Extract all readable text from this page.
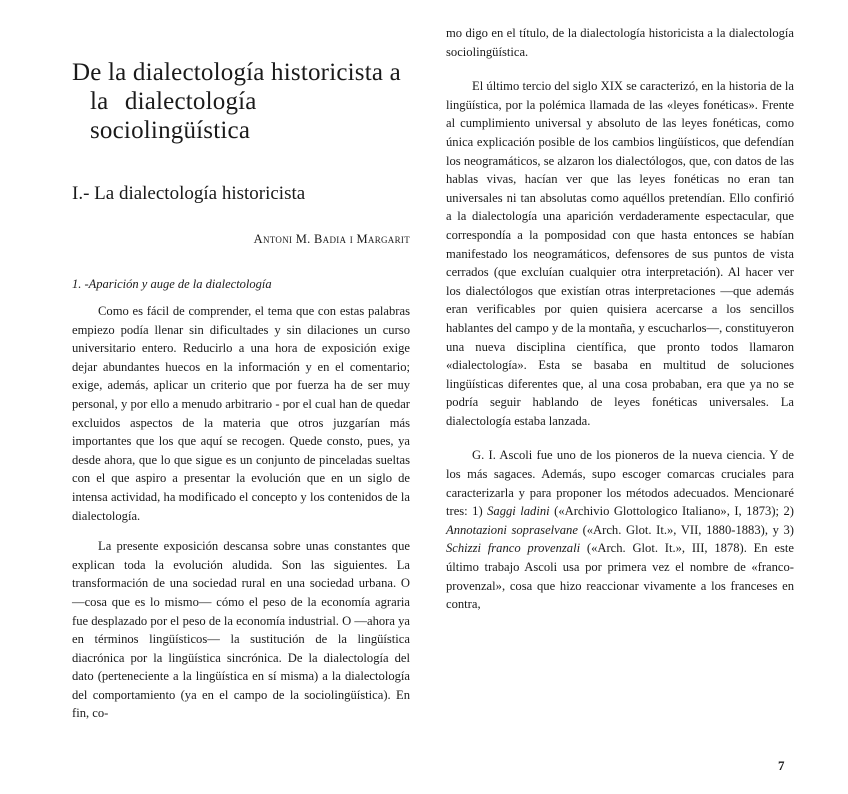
De la dialectología historicista a

la dialectología sociolingüística
I.- La dialectología historicista
Antoni M. Badia i Margarit
1. -Aparición y auge de la dialectología

Como es fácil de comprender, el tema que con estas palabras empiezo podía llenar sin dificultades y sin dilaciones un curso universitario entero. Reducirlo a una hora de exposición exige dejar abundantes huecos en la información y en el comentario; exige, además, aplicar un criterio que por fuerza ha de ser muy personal, y por ello a menudo arbitrario - por el cual han de quedar excluidos aspectos de la materia que otros juzgarían más importantes que los que aquí se recogen. Quede consto, pues, ya desde ahora, que lo que sigue es un conjunto de pinceladas sueltas con el que aspiro a presentar la evolución que en un siglo de intensa actividad, ha modificado el concepto y los contenidos de la dialectología.

La presente exposición descansa sobre unas constantes que explican toda la evolución aludida. Son las siguientes. La transformación de una sociedad rural en una sociedad urbana. O —cosa que es lo mismo— cómo el peso de la economía agraria fue desplazado por el peso de la economía industrial. O —ahora ya en términos lingüísticos— la sustitución de la lingüística diacrónica por la lingüística sincrónica. De la dialectología del dato (perteneciente a la lingüística en sí misma) a la dialectología del comportamiento (ya en el campo de la sociolingüística). En fin, co-

mo digo en el título, de la dialectología historicista a la dialectología sociolingüística.

El último tercio del siglo XIX se caracterizó, en la historia de la lingüística, por la polémica llamada de las «leyes fonéticas». Frente al cumplimiento universal y absoluto de las leyes fonéticas, como única explicación posible de los cambios lingüísticos, que defendían los neogramáticos, se alzaron los dialectólogos, que, con datos de las hablas vivas, hacían ver que las leyes fonéticas no eran tan universales ni tan absolutas como aquéllos pretendían. Ello confirió a la dialectología una aparición verdaderamente espectacular, que correspondía a la pomposidad con que hasta entonces se habían manifestado los neogramáticos, defensores de sus puntos de vista cerrados (que excluían cualquier otra interpretación). Al hacer ver los dialectólogos que existían otras interpretaciones —que además eran verificables por quien quisiera acercarse a los sencillos hablantes del campo y de la montaña, y escucharlos—, constituyeron una nueva disciplina científica, que pronto todos llamaron «dialectología». Esta se basaba en multitud de soluciones lingüísticas diferentes que, al una cosa probaban, era que ya no se podría seguir hablando de leyes fonéticas universales. La dialectología estaba lanzada.

G. I. Ascoli fue uno de los pioneros de la nueva ciencia. Y de los más sagaces. Además, supo escoger comarcas cruciales para caracterizarla y para proponer los métodos adecuados. Mencionaré tres: 1) Saggi ladini («Archivio Glottologico Italiano», I, 1873); 2) Annotazioni sopraselvane («Arch. Glot. It.», VII, 1880-1883), y 3) Schizzi franco provenzali («Arch. Glot. It.», III, 1878). En este último trabajo Ascoli usa por primera vez el nombre de «franco-provenzal», cosa que hizo reaccionar vivamente a los franceses en contra,

7
